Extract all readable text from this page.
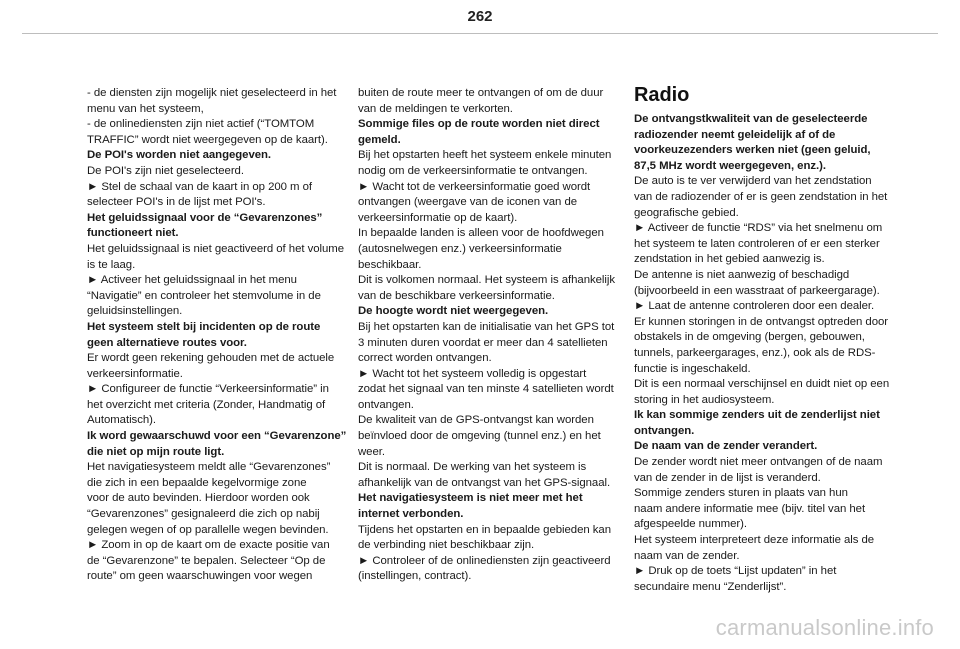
262

- de diensten zijn mogelijk niet geselecteerd in het
menu van het systeem,
- de onlinediensten zijn niet actief (“TOMTOM
TRAFFIC” wordt niet weergegeven op de kaart).

De POI's worden niet aangegeven.

De POI's zijn niet geselecteerd.
► Stel de schaal van de kaart in op 200 m of
selecteer POI's in de lijst met POI's.

Het geluidssignaal voor de “Gevarenzones”
functioneert niet.

Het geluidssignaal is niet geactiveerd of het volume
is te laag.
► Activeer het geluidssignaal in het menu
“Navigatie” en controleer het stemvolume in de
geluidsinstellingen.

Het systeem stelt bij incidenten op de route
geen alternatieve routes voor.

Er wordt geen rekening gehouden met de actuele
verkeersinformatie.
► Configureer de functie “Verkeersinformatie” in
het overzicht met criteria (Zonder, Handmatig of
Automatisch).

Ik word gewaarschuwd voor een “Gevarenzone”
die niet op mijn route ligt.

Het navigatiesysteem meldt alle “Gevarenzones”
die zich in een bepaalde kegelvormige zone
voor de auto bevinden. Hierdoor worden ook
“Gevarenzones” gesignaleerd die zich op nabij
gelegen wegen of op parallelle wegen bevinden.
► Zoom in op de kaart om de exacte positie van
de “Gevarenzone” te bepalen. Selecteer “Op de
route” om geen waarschuwingen voor wegen

buiten de route meer te ontvangen of om de duur
van de meldingen te verkorten.

Sommige files op de route worden niet direct
gemeld.

Bij het opstarten heeft het systeem enkele minuten
nodig om de verkeersinformatie te ontvangen.
► Wacht tot de verkeersinformatie goed wordt
ontvangen (weergave van de iconen van de
verkeersinformatie op de kaart).
In bepaalde landen is alleen voor de hoofdwegen
(autosnelwegen enz.) verkeersinformatie
beschikbaar.
Dit is volkomen normaal. Het systeem is afhankelijk
van de beschikbare verkeersinformatie.

De hoogte wordt niet weergegeven.

Bij het opstarten kan de initialisatie van het GPS tot
3 minuten duren voordat er meer dan 4 satellieten
correct worden ontvangen.
► Wacht tot het systeem volledig is opgestart
zodat het signaal van ten minste 4 satellieten wordt
ontvangen.
De kwaliteit van de GPS-ontvangst kan worden
beïnvloed door de omgeving (tunnel enz.) en het
weer.
Dit is normaal. De werking van het systeem is
afhankelijk van de ontvangst van het GPS-signaal.

Het navigatiesysteem is niet meer met het
internet verbonden.

Tijdens het opstarten en in bepaalde gebieden kan
de verbinding niet beschikbaar zijn.
► Controleer of de onlinediensten zijn geactiveerd
(instellingen, contract).

Radio

De ontvangstkwaliteit van de geselecteerde
radiozender neemt geleidelijk af of de
voorkeuzezenders werken niet (geen geluid,
87,5 MHz wordt weergegeven, enz.).

De auto is te ver verwijderd van het zendstation
van de radiozender of er is geen zendstation in het
geografische gebied.
► Activeer de functie “RDS” via het snelmenu om
het systeem te laten controleren of er een sterker
zendstation in het gebied aanwezig is.
De antenne is niet aanwezig of beschadigd
(bijvoorbeeld in een wasstraat of parkeergarage).
► Laat de antenne controleren door een dealer.
Er kunnen storingen in de ontvangst optreden door
obstakels in de omgeving (bergen, gebouwen,
tunnels, parkeergarages, enz.), ook als de RDS-
functie is ingeschakeld.
Dit is een normaal verschijnsel en duidt niet op een
storing in het audiosysteem.

Ik kan sommige zenders uit de zenderlijst niet
ontvangen.
De naam van de zender verandert.

De zender wordt niet meer ontvangen of de naam
van de zender in de lijst is veranderd.
Sommige zenders sturen in plaats van hun
naam andere informatie mee (bijv. titel van het
afgespeelde nummer).
Het systeem interpreteert deze informatie als de
naam van de zender.
► Druk op de toets “Lijst updaten” in het
secundaire menu “Zenderlijst”.

carmanualsonline.info
